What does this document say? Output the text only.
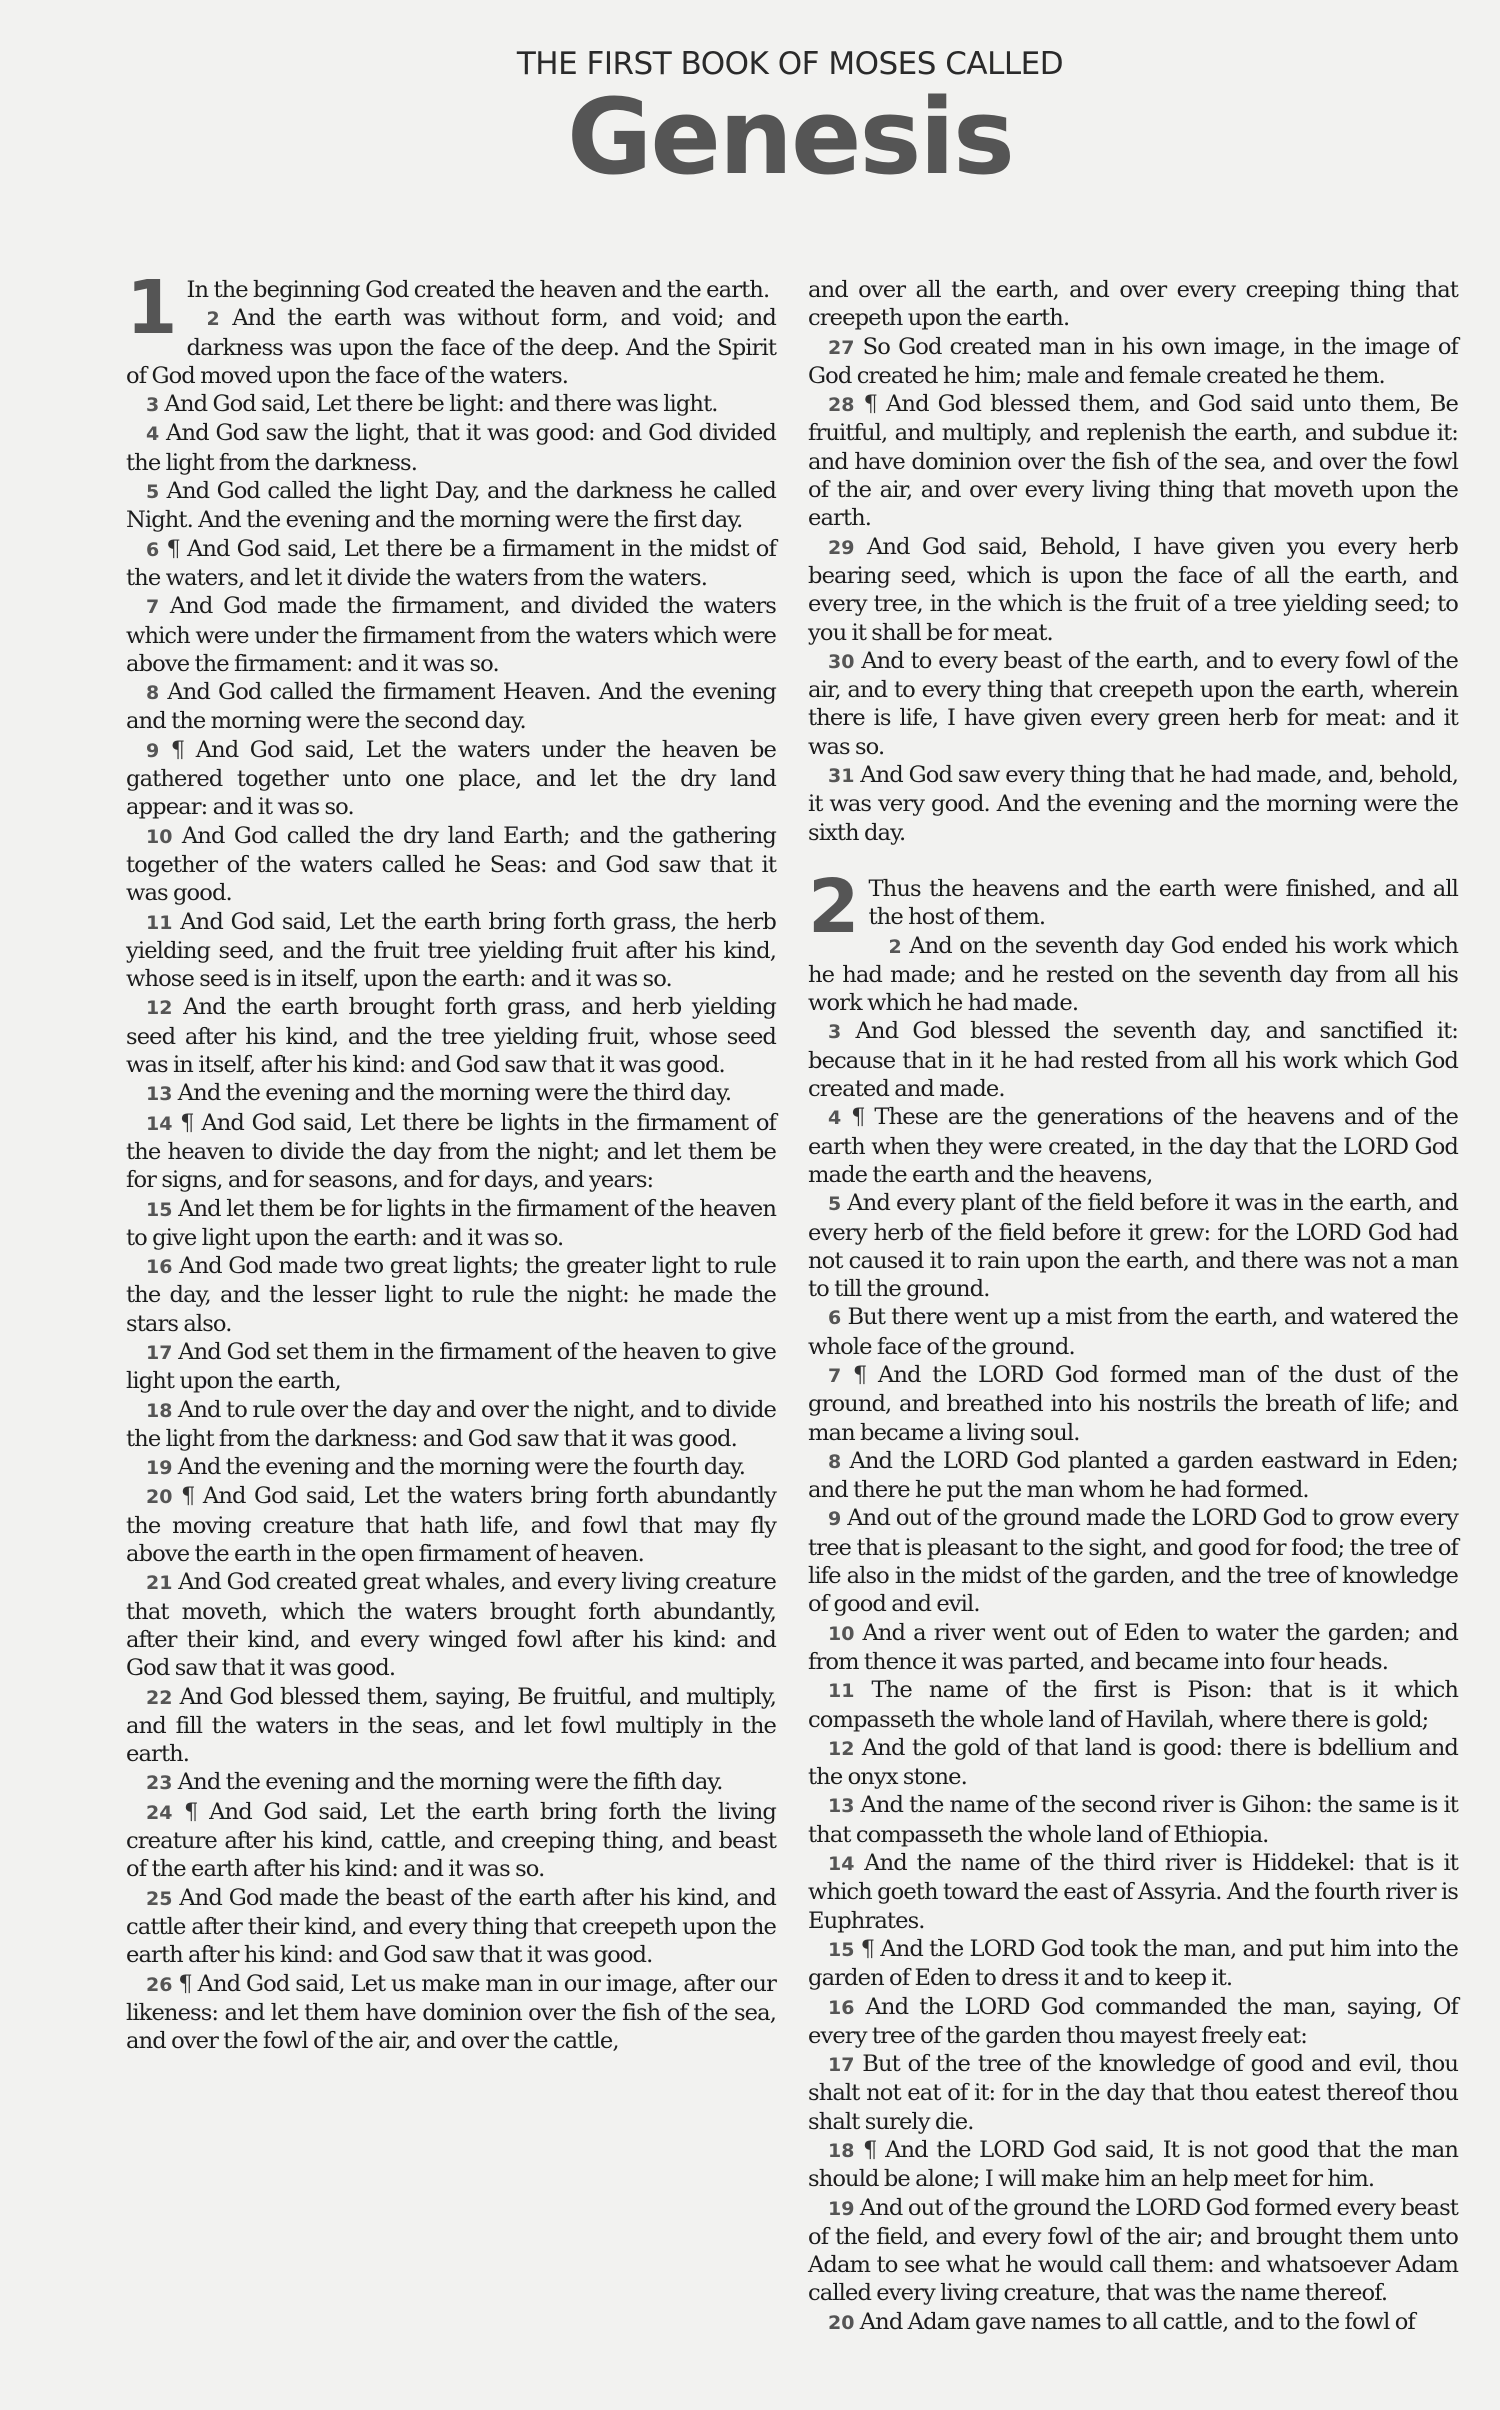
THE FIRST BOOK OF MOSES CALLED
Genesis

1 In the beginning God created the heaven and the earth.

2 And the earth was without form, and void; and darkness was upon the face of the deep. And the Spirit of God moved upon the face of the waters.

3 And God said, Let there be light: and there was light.

4 And God saw the light, that it was good: and God divided the light from the darkness.

5 And God called the light Day, and the darkness he called Night. And the evening and the morning were the first day.

6 ¶ And God said, Let there be a firmament in the midst of the waters, and let it divide the waters from the waters.

7 And God made the firmament, and divided the waters which were under the firmament from the waters which were above the firmament: and it was so.

8 And God called the firmament Heaven. And the evening and the morning were the second day.

9 ¶ And God said, Let the waters under the heaven be gathered together unto one place, and let the dry land appear: and it was so.

10 And God called the dry land Earth; and the gathering together of the waters called he Seas: and God saw that it was good.

11 And God said, Let the earth bring forth grass, the herb yielding seed, and the fruit tree yielding fruit after his kind, whose seed is in itself, upon the earth: and it was so.

12 And the earth brought forth grass, and herb yielding seed after his kind, and the tree yielding fruit, whose seed was in itself, after his kind: and God saw that it was good.

13 And the evening and the morning were the third day.

14 ¶ And God said, Let there be lights in the firmament of the heaven to divide the day from the night; and let them be for signs, and for seasons, and for days, and years:

15 And let them be for lights in the firmament of the heaven to give light upon the earth: and it was so.

16 And God made two great lights; the greater light to rule the day, and the lesser light to rule the night: he made the stars also.

17 And God set them in the firmament of the heaven to give light upon the earth,

18 And to rule over the day and over the night, and to divide the light from the darkness: and God saw that it was good.

19 And the evening and the morning were the fourth day.

20 ¶ And God said, Let the waters bring forth abundantly the moving creature that hath life, and fowl that may fly above the earth in the open firmament of heaven.

21 And God created great whales, and every living creature that moveth, which the waters brought forth abundantly, after their kind, and every winged fowl after his kind: and God saw that it was good.

22 And God blessed them, saying, Be fruitful, and multiply, and fill the waters in the seas, and let fowl multiply in the earth.

23 And the evening and the morning were the fifth day.

24 ¶ And God said, Let the earth bring forth the living creature after his kind, cattle, and creeping thing, and beast of the earth after his kind: and it was so.

25 And God made the beast of the earth after his kind, and cattle after their kind, and every thing that creepeth upon the earth after his kind: and God saw that it was good.

26 ¶ And God said, Let us make man in our image, after our likeness: and let them have dominion over the fish of the sea, and over the fowl of the air, and over the cattle,

and over all the earth, and over every creeping thing that creepeth upon the earth.

27 So God created man in his own image, in the image of God created he him; male and female created he them.

28 ¶ And God blessed them, and God said unto them, Be fruitful, and multiply, and replenish the earth, and subdue it: and have dominion over the fish of the sea, and over the fowl of the air, and over every living thing that moveth upon the earth.

29 And God said, Behold, I have given you every herb bearing seed, which is upon the face of all the earth, and every tree, in the which is the fruit of a tree yielding seed; to you it shall be for meat.

30 And to every beast of the earth, and to every fowl of the air, and to every thing that creepeth upon the earth, wherein there is life, I have given every green herb for meat: and it was so.

31 And God saw every thing that he had made, and, behold, it was very good. And the evening and the morning were the sixth day.

2 Thus the heavens and the earth were finished, and all the host of them.

2 And on the seventh day God ended his work which he had made; and he rested on the seventh day from all his work which he had made.

3 And God blessed the seventh day, and sanctified it: because that in it he had rested from all his work which God created and made.

4 ¶ These are the generations of the heavens and of the earth when they were created, in the day that the LORD God made the earth and the heavens,

5 And every plant of the field before it was in the earth, and every herb of the field before it grew: for the LORD God had not caused it to rain upon the earth, and there was not a man to till the ground.

6 But there went up a mist from the earth, and watered the whole face of the ground.

7 ¶ And the LORD God formed man of the dust of the ground, and breathed into his nostrils the breath of life; and man became a living soul.

8 And the LORD God planted a garden eastward in Eden; and there he put the man whom he had formed.

9 And out of the ground made the LORD God to grow every tree that is pleasant to the sight, and good for food; the tree of life also in the midst of the garden, and the tree of knowledge of good and evil.

10 And a river went out of Eden to water the garden; and from thence it was parted, and became into four heads.

11 The name of the first is Pison: that is it which compasseth the whole land of Havilah, where there is gold;

12 And the gold of that land is good: there is bdellium and the onyx stone.

13 And the name of the second river is Gihon: the same is it that compasseth the whole land of Ethiopia.

14 And the name of the third river is Hiddekel: that is it which goeth toward the east of Assyria. And the fourth river is Euphrates.

15 ¶ And the LORD God took the man, and put him into the garden of Eden to dress it and to keep it.

16 And the LORD God commanded the man, saying, Of every tree of the garden thou mayest freely eat:

17 But of the tree of the knowledge of good and evil, thou shalt not eat of it: for in the day that thou eatest thereof thou shalt surely die.

18 ¶ And the LORD God said, It is not good that the man should be alone; I will make him an help meet for him.

19 And out of the ground the LORD God formed every beast of the field, and every fowl of the air; and brought them unto Adam to see what he would call them: and whatsoever Adam called every living creature, that was the name thereof.

20 And Adam gave names to all cattle, and to the fowl of
